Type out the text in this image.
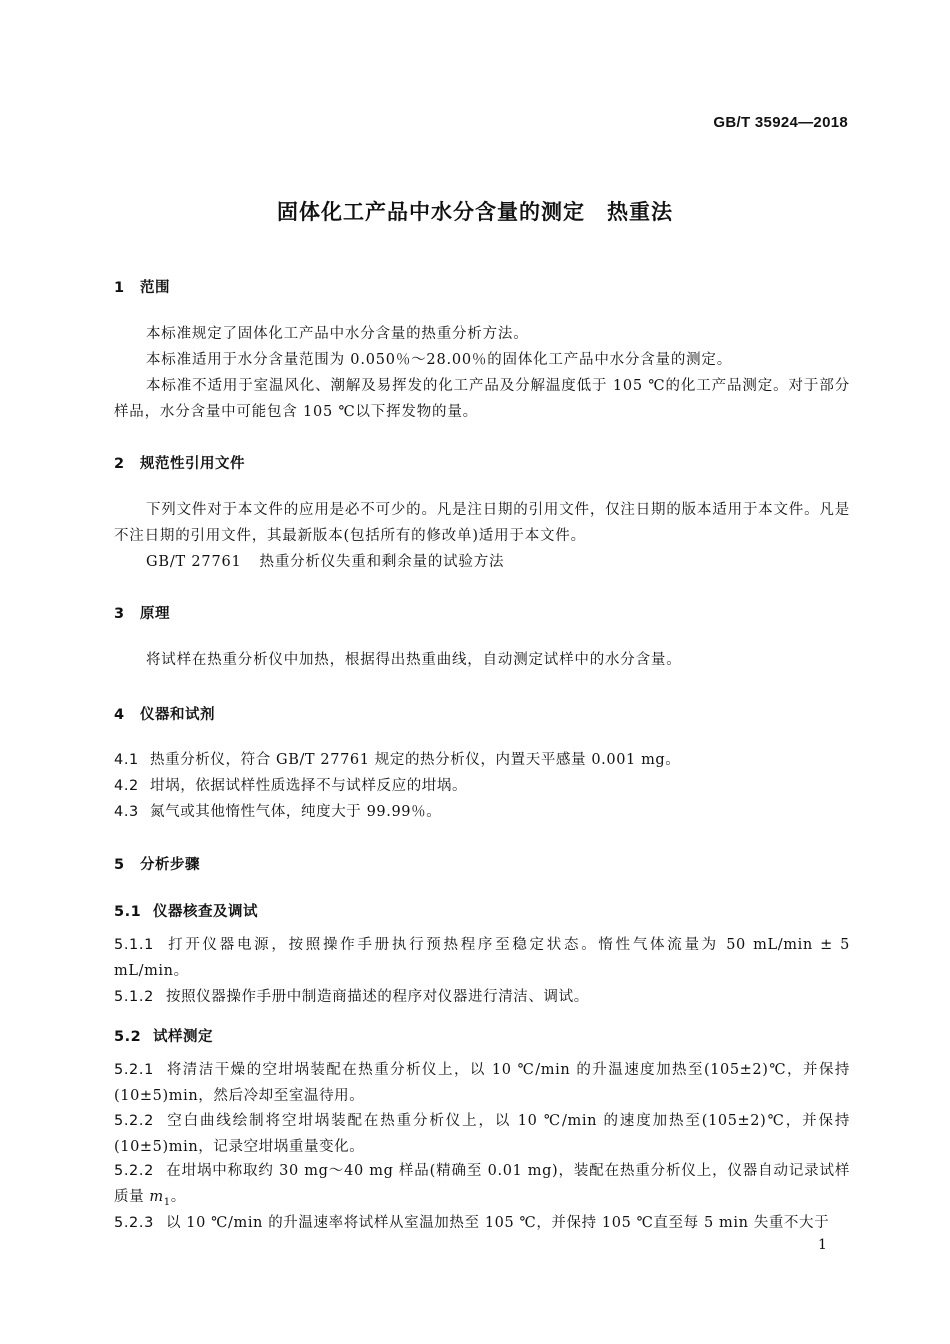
GB/T 35924—2018
固体化工产品中水分含量的测定　热重法
1 范围
本标准规定了固体化工产品中水分含量的热重分析方法。
本标准适用于水分含量范围为 0.050％～28.00％的固体化工产品中水分含量的测定。
本标准不适用于室温风化、潮解及易挥发的化工产品及分解温度低于 105 ℃的化工产品测定。对于部分样品，水分含量中可能包含 105 ℃以下挥发物的量。
2 规范性引用文件
下列文件对于本文件的应用是必不可少的。凡是注日期的引用文件，仅注日期的版本适用于本文件。凡是不注日期的引用文件，其最新版本(包括所有的修改单)适用于本文件。
GB/T 27761 热重分析仪失重和剩余量的试验方法
3 原理
将试样在热重分析仪中加热，根据得出热重曲线，自动测定试样中的水分含量。
4 仪器和试剂
4.1 热重分析仪，符合 GB/T 27761 规定的热分析仪，内置天平感量 0.001 mg。
4.2 坩埚，依据试样性质选择不与试样反应的坩埚。
4.3 氮气或其他惰性气体，纯度大于 99.99％。
5 分析步骤
5.1 仪器核查及调试
5.1.1 打开仪器电源，按照操作手册执行预热程序至稳定状态。惰性气体流量为 50 mL/min ± 5 mL/min。
5.1.2 按照仪器操作手册中制造商描述的程序对仪器进行清洁、调试。
5.2 试样测定
5.2.1 将清洁干燥的空坩埚装配在热重分析仪上，以 10 ℃/min 的升温速度加热至(105±2)℃，并保持(10±5)min，然后冷却至室温待用。
5.2.2 空白曲线绘制将空坩埚装配在热重分析仪上，以 10 ℃/min 的速度加热至(105±2)℃，并保持(10±5)min，记录空坩埚重量变化。
5.2.2 在坩埚中称取约 30 mg～40 mg 样品(精确至 0.01 mg)，装配在热重分析仪上，仪器自动记录试样质量 $m_1$。
5.2.3 以 10 ℃/min 的升温速率将试样从室温加热至 105 ℃，并保持 105 ℃直至每 5 min 失重不大于
1
